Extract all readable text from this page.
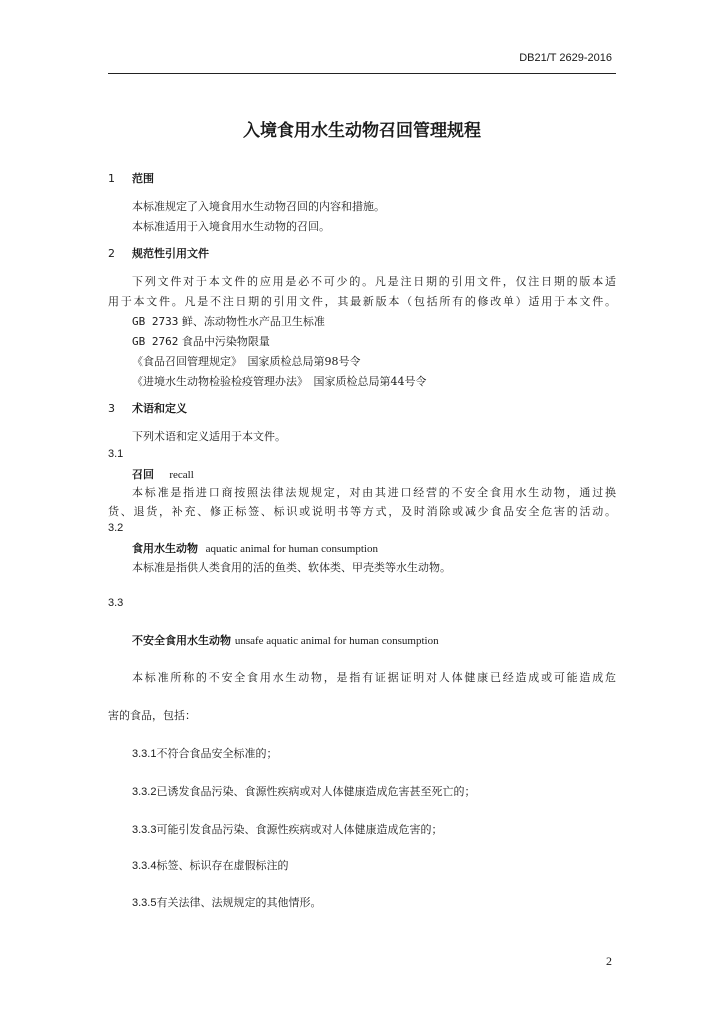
DB21/T 2629-2016
入境食用水生动物召回管理规程
1 范围
本标准规定了入境食用水生动物召回的内容和措施。
本标准适用于入境食用水生动物的召回。
2 规范性引用文件
下列文件对于本文件的应用是必不可少的。凡是注日期的引用文件，仅注日期的版本适
用于本文件。凡是不注日期的引用文件，其最新版本（包括所有的修改单）适用于本文件。
GB 2733 鲜、冻动物性水产品卫生标准
GB 2762 食品中污染物限量
《食品召回管理规定》　国家质检总局第98号令
《进境水生动物检验检疫管理办法》　国家质检总局第44号令
3 术语和定义
下列术语和定义适用于本文件。
3.1
召回 recall
本标准是指进口商按照法律法规规定，对由其进口经营的不安全食用水生动物，通过换
货、退货，补充、修正标签、标识或说明书等方式，及时消除或减少食品安全危害的活动。
3.2
食用水生动物 aquatic animal for human consumption
本标准是指供人类食用的活的鱼类、软体类、甲壳类等水生动物。
3.3
不安全食用水生动物 unsafe aquatic animal for human consumption
本标准所称的不安全食用水生动物，是指有证据证明对人体健康已经造成或可能造成危
害的食品，包括：
3.3.1不符合食品安全标准的；
3.3.2已诱发食品污染、食源性疾病或对人体健康造成危害甚至死亡的；
3.3.3可能引发食品污染、食源性疾病或对人体健康造成危害的；
3.3.4标签、标识存在虚假标注的
3.3.5有关法律、法规规定的其他情形。
2
